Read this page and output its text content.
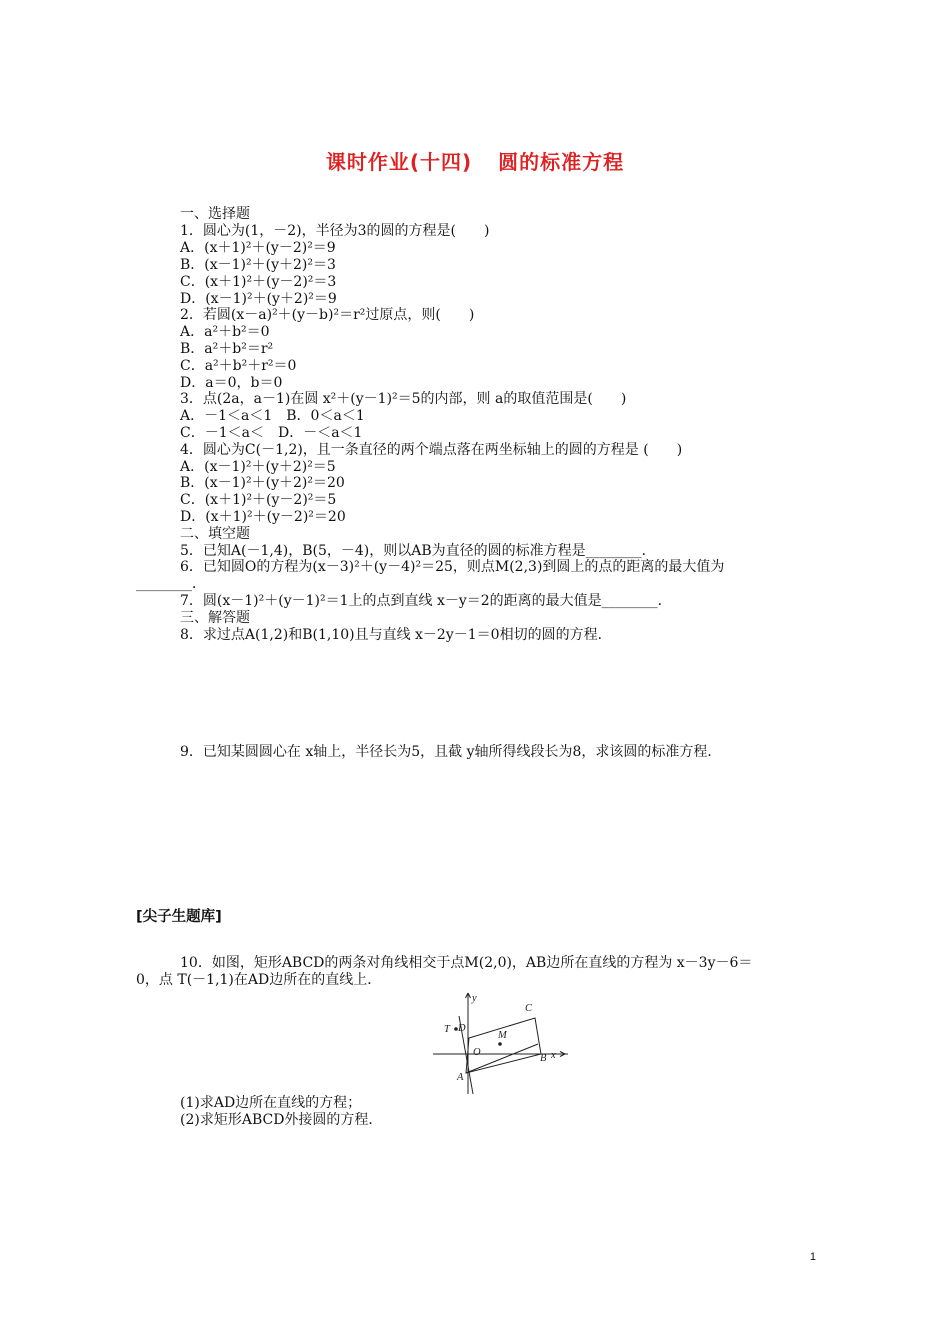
课时作业(十四) 圆的标准方程
一、选择题
1．圆心为(1，－2)，半径为3的圆的方程是(　　)
A．(x＋1)²＋(y－2)²＝9
B．(x－1)²＋(y＋2)²＝3
C．(x＋1)²＋(y－2)²＝3
D．(x－1)²＋(y＋2)²＝9
2．若圆(x－a)²＋(y－b)²＝r²过原点，则(　　)
A．a²＋b²＝0
B．a²＋b²＝r²
C．a²＋b²＋r²＝0
D．a＝0，b＝0
3．点(2a，a－1)在圆 x²＋(y－1)²＝5的内部，则 a的取值范围是(　　)
A．－1＜a＜1　B．0＜a＜1
C．－1＜a＜　D．－＜a＜1
4．圆心为C(－1,2)，且一条直径的两个端点落在两坐标轴上的圆的方程是 (　　)
A．(x－1)²＋(y＋2)²＝5
B．(x－1)²＋(y＋2)²＝20
C．(x＋1)²＋(y－2)²＝5
D．(x＋1)²＋(y－2)²＝20
二、填空题
5．已知A(－1,4)，B(5，－4)，则以AB为直径的圆的标准方程是________．
6．已知圆O的方程为(x－3)²＋(y－4)²＝25，则点M(2,3)到圆上的点的距离的最大值为
________．
7．圆(x－1)²＋(y－1)²＝1上的点到直线 x－y＝2的距离的最大值是________．
三、解答题
8．求过点A(1,2)和B(1,10)且与直线 x－2y－1＝0相切的圆的方程．
9．已知某圆圆心在 x轴上，半径长为5，且截 y轴所得线段长为8，求该圆的标准方程．
[尖子生题库]
10．如图，矩形ABCD的两条对角线相交于点M(2,0)，AB边所在直线的方程为 x－3y－6＝
0，点 T(－1,1)在AD边所在的直线上．
y
x
C
T D
M
O
B
A
(1)求AD边所在直线的方程；
(2)求矩形ABCD外接圆的方程．
1
